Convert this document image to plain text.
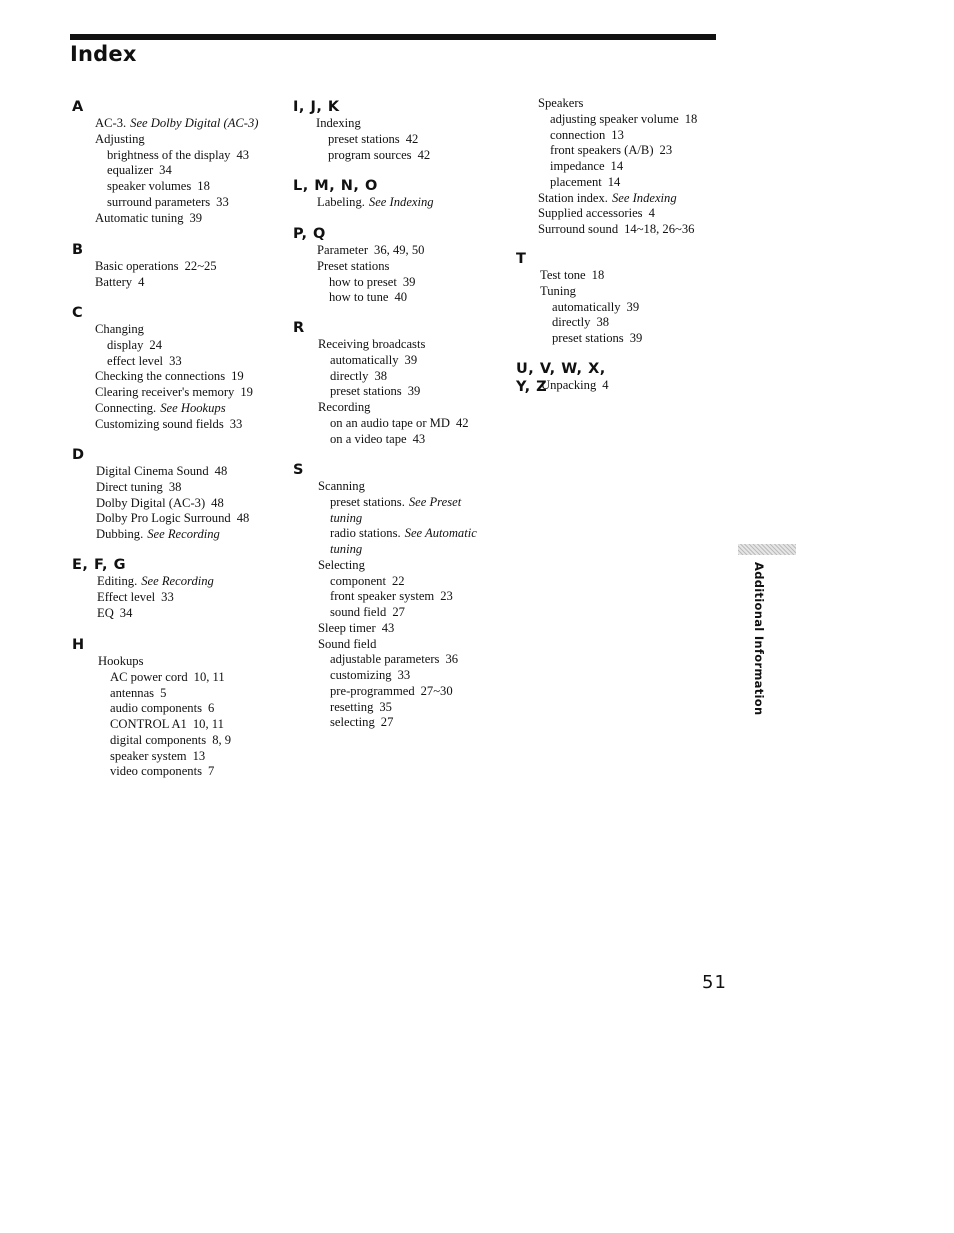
Index
A
AC-3. See Dolby Digital (AC-3)
Adjusting
brightness of the display 43
equalizer 34
speaker volumes 18
surround parameters 33
Automatic tuning 39
B
Basic operations 22~25
Battery 4
C
Changing
display 24
effect level 33
Checking the connections 19
Clearing receiver's memory 19
Connecting. See Hookups
Customizing sound fields 33
D
Digital Cinema Sound 48
Direct tuning 38
Dolby Digital (AC-3) 48
Dolby Pro Logic Surround 48
Dubbing. See Recording
E, F, G
Editing. See Recording
Effect level 33
EQ 34
H
Hookups
AC power cord 10, 11
antennas 5
audio components 6
CONTROL A1 10, 11
digital components 8, 9
speaker system 13
video components 7
I, J, K
Indexing
preset stations 42
program sources 42
L, M, N, O
Labeling. See Indexing
P, Q
Parameter 36, 49, 50
Preset stations
how to preset 39
how to tune 40
R
Receiving broadcasts
automatically 39
directly 38
preset stations 39
Recording
on an audio tape or MD 42
on a video tape 43
S
Scanning
preset stations. See Preset
tuning
radio stations. See Automatic
tuning
Selecting
component 22
front speaker system 23
sound field 27
Sleep timer 43
Sound field
adjustable parameters 36
customizing 33
pre-programmed 27~30
resetting 35
selecting 27
Speakers
adjusting speaker volume 18
connection 13
front speakers (A/B) 23
impedance 14
placement 14
Station index. See Indexing
Supplied accessories 4
Surround sound 14~18, 26~36
T
Test tone 18
Tuning
automatically 39
directly 38
preset stations 39
U, V, W, X, Y, Z
Unpacking 4
Additional Information
51
